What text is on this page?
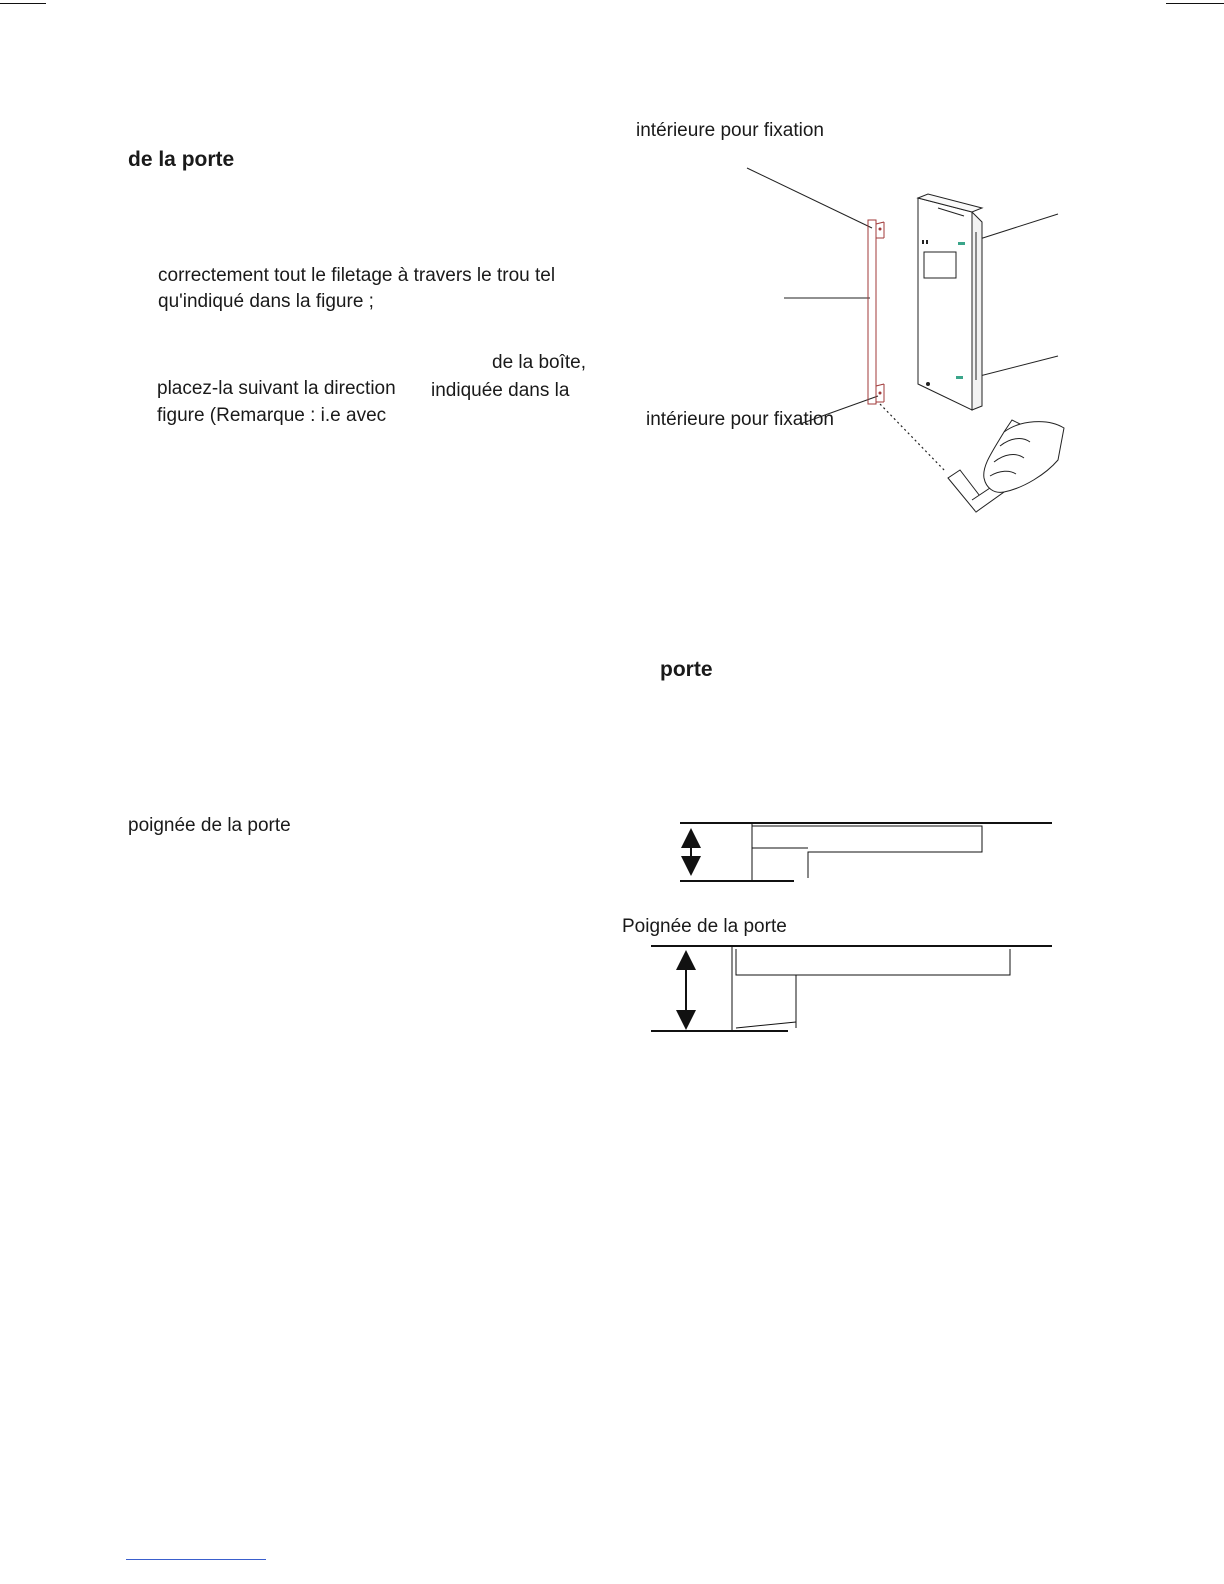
de la porte
correctement tout le filetage à travers le trou tel
qu'indiqué dans la figure ;
de la boîte,
placez-la suivant la direction indiquée dans la
figure (Remarque : i.e avec
poignée de la porte
intérieure pour fixation
intérieure pour fixation
porte
Poignée de la porte
